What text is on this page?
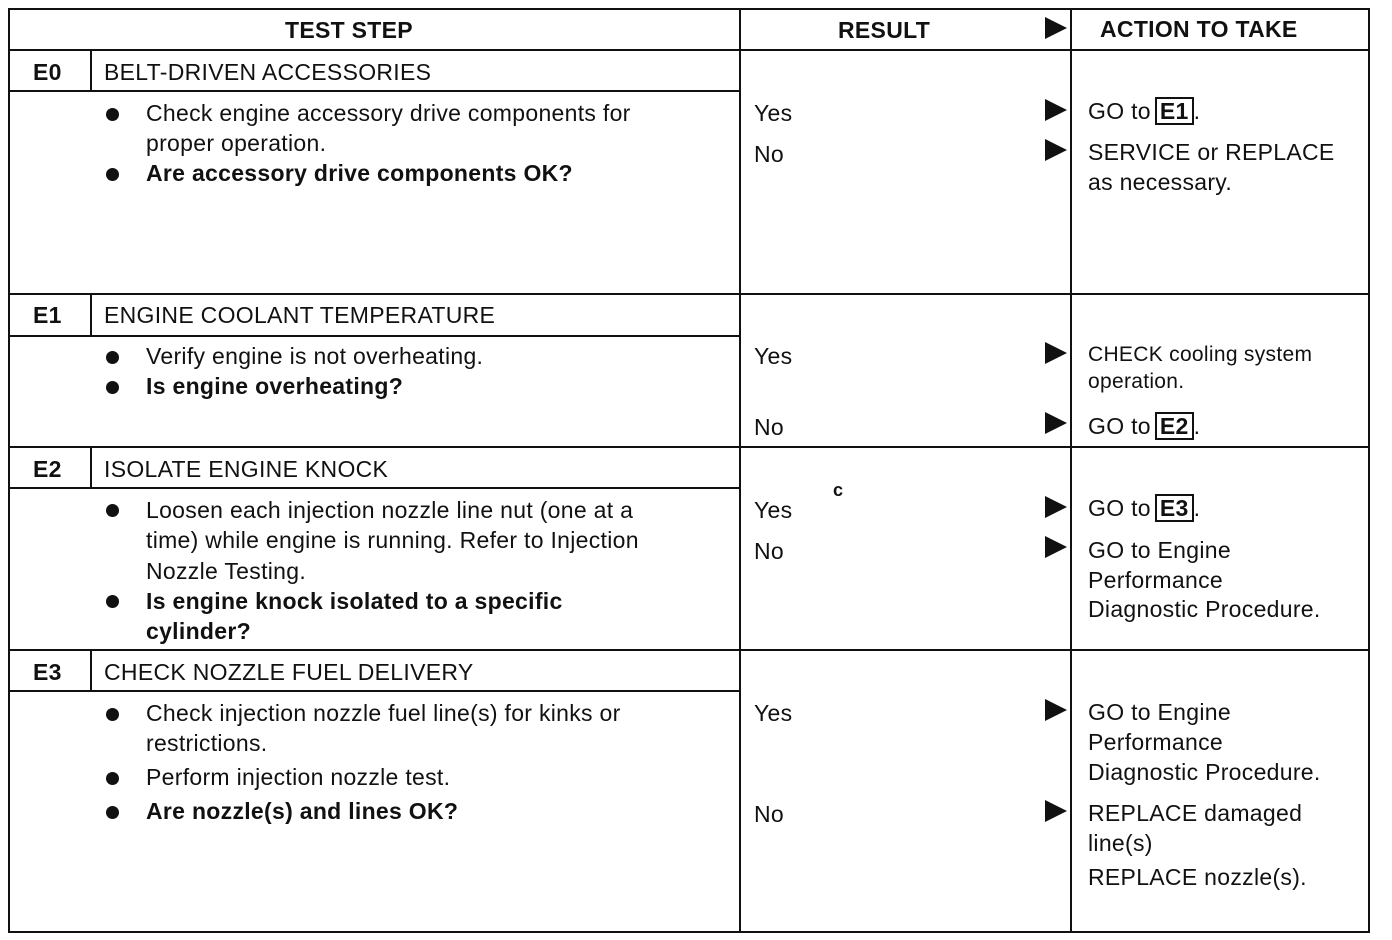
TEST STEP	RESULT	ACTION TO TAKE
E0 BELT-DRIVEN ACCESSORIES
Check engine accessory drive components for
proper operation.
Are accessory drive components OK?
Yes
No
GO to E1 .
SERVICE or REPLACE
as necessary.
E1 ENGINE COOLANT TEMPERATURE
Verify engine is not overheating.
Is engine overheating?
Yes
No
CHECK cooling system
operation.
GO to E2 .
E2 ISOLATE ENGINE KNOCK
Loosen each injection nozzle line nut (one at a
time) while engine is running. Refer to Injection
Nozzle Testing.
Is engine knock isolated to a specific
cylinder?
c
Yes
No
GO to E3 .
GO to Engine
Performance
Diagnostic Procedure.
E3 CHECK NOZZLE FUEL DELIVERY
Check injection nozzle fuel line(s) for kinks or
restrictions.
Perform injection nozzle test.
Are nozzle(s) and lines OK?
Yes
No
GO to Engine
Performance
Diagnostic Procedure.
REPLACE damaged
line(s)
REPLACE nozzle(s).
